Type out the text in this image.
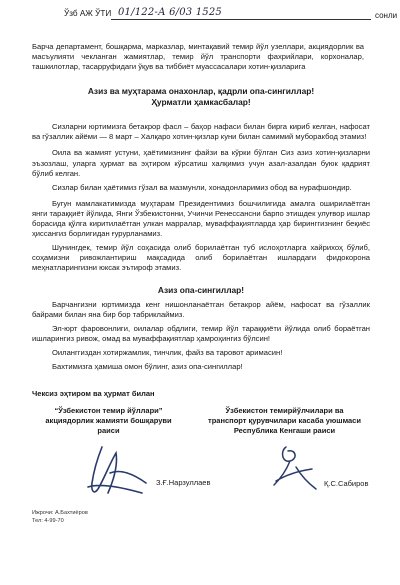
Ўзб АЖ ЎТИ 01/122-А 6/03 1525	сонли
Барча департамент, бошқарма, марказлар, минтақавий темир йўл узеллари, акциядорлик ва масъулияти чекланган жамиятлар, темир йўл транспорти фахрийлари, корхоналар, ташкилотлар, тасарруфидаги ўқув ва тиббиёт муассасалари хотин-қизларига
Азиз ва муҳтарама онахонлар, қадрли опа-сингиллар!
Ҳурматли ҳамкасбалар!

Сизларни юртимизга бетакрор фасл – баҳор нафаси билан бирга кириб келган, нафосат ва гўзаллик айёми — 8 март – Халқаро хотин-қизлар куни билан самимий муборакбод этамиз!

Оила ва жамият устуни, ҳаётимизнинг файзи ва кўрки бўлган Сиз азиз хотин-қизларни эъзозлаш, уларга ҳурмат ва эҳтиром кўрсатиш халқимиз учун азал-азалдан буюк қадрият бўлиб келган.

Сизлар билан ҳаётимиз гўзал ва мазмунли, хонадонларимиз обод ва нурафшондир.

Бугун мамлакатимизда муҳтарам Президентимиз бошчилигида амалга оширилаётган янги тараққиёт йўлида, Янги Ўзбекистонни, Учинчи Ренессансни барпо этишдек улуғвор ишлар борасида қўлга киритилаётган улкан марралар, муваффақиятларда ҳар биринггизнинг беқиёс ҳиссангиз борлигидан ғурурланамиз.

Шунингдек, темир йўл соҳасида олиб борилаётган туб ислоҳотларга хайрихоҳ бўлиб, соҳамизни ривожлантириш мақсадида олиб борилаётган ишлардаги фидокорона меҳнатларингизни юксак эътироф этамиз.

Азиз опа-сингиллар!

Барчангизни юртимизда кенг нишонланаётган бетакрор айём, нафосат ва гўзаллик байрами билан яна бир бор табриклаймиз.

Эл-юрт фаровонлиги, оилалар обдлиги, темир йўл тараққиёти йўлида олиб бораётган ишларингиз ривож, омад ва муваффақиятлар ҳамроҳингиз бўлсин!

Оиланггиздан хотиржамлик, тинчлик, файз ва таровот аримасин!

Бахтимизга ҳамиша омон бўлинг, азиз опа-сингиллар!

Чексиз эҳтиром ва ҳурмат билан
“Ўзбекистон темир йўллари” акциядорлик жамияти бошқаруви раиси
Ўзбекистон темирйўлчилари ва транспорт қурувчилари касаба уюшмаси Республика Кенгаши раиси
З.Ғ.Нарзуллаев	Қ.С.Сабиров
Ижрочи: А.Бахтиёров
Тел: 4-99-70
